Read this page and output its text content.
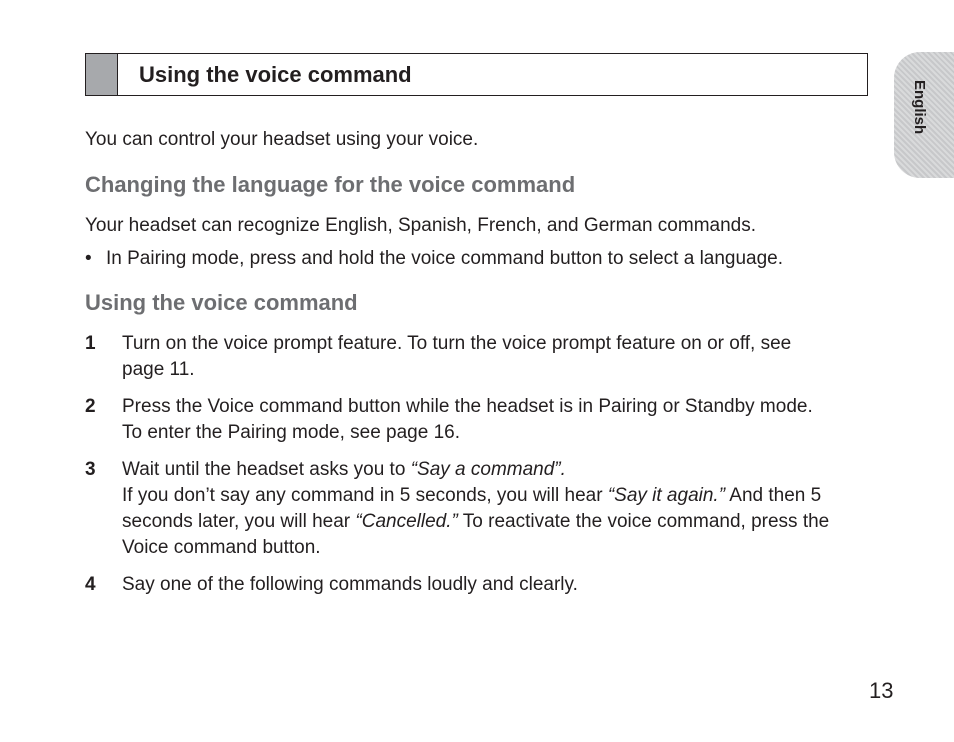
Using the voice command
English
You can control your headset using your voice.
Changing the language for the voice command
Your headset can recognize English, Spanish, French, and German commands.
• In Pairing mode, press and hold the voice command button to select a language.
Using the voice command
1 Turn on the voice prompt feature. To turn the voice prompt feature on or off, see
page 11.
2 Press the Voice command button while the headset is in Pairing or Standby mode.
To enter the Pairing mode, see page 16.
3 Wait until the headset asks you to “Say a command”.
If you don’t say any command in 5 seconds, you will hear “Say it again.” And then 5
seconds later, you will hear “Cancelled.” To reactivate the voice command, press the
Voice command button.
4 Say one of the following commands loudly and clearly.
13
